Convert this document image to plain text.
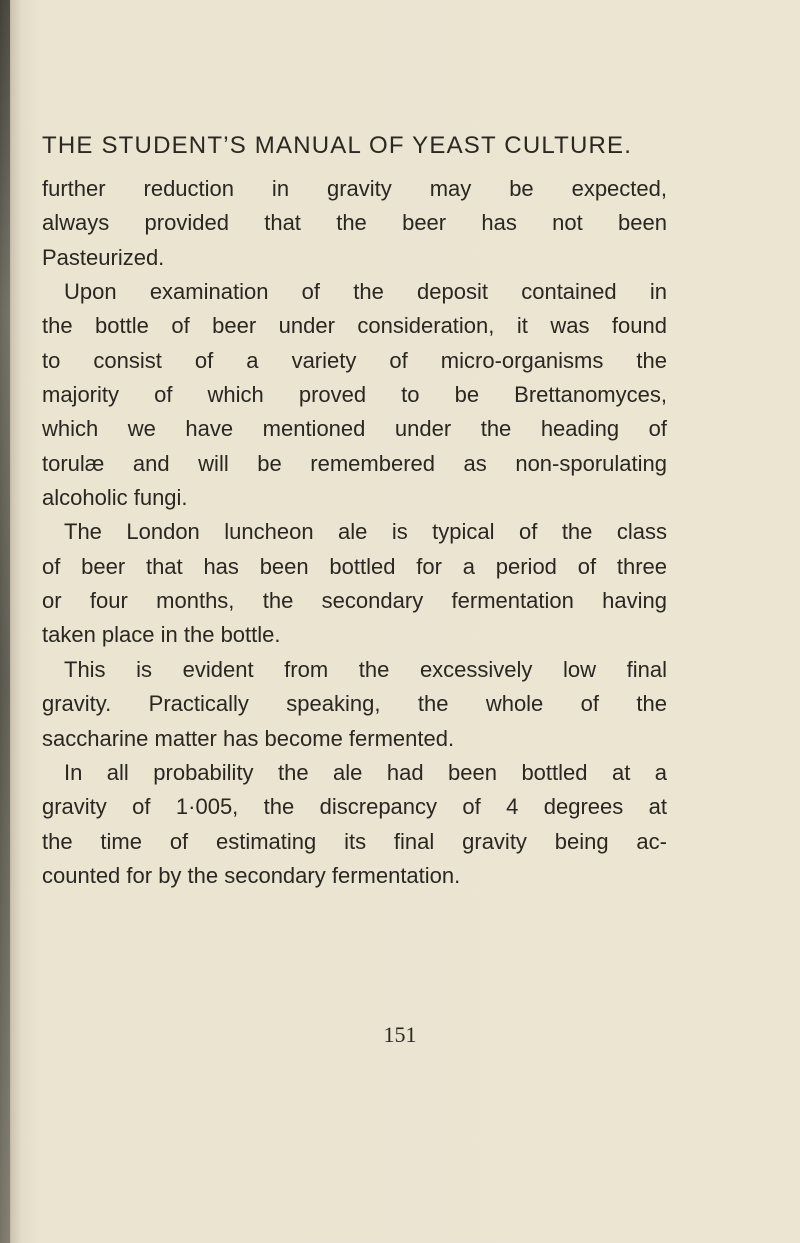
THE STUDENT’S MANUAL OF YEAST CULTURE.
further reduction in gravity may be expected,
always provided that the beer has not been
Pasteurized.
Upon examination of the deposit contained in
the bottle of beer under consideration, it was found
to consist of a variety of micro-organisms the
majority of which proved to be Brettanomyces,
which we have mentioned under the heading of
torulæ and will be remembered as non-sporulating
alcoholic fungi.
The London luncheon ale is typical of the class
of beer that has been bottled for a period of three
or four months, the secondary fermentation having
taken place in the bottle.
This is evident from the excessively low final
gravity. Practically speaking, the whole of the
saccharine matter has become fermented.
In all probability the ale had been bottled at a
gravity of 1·005, the discrepancy of 4 degrees at
the time of estimating its final gravity being ac-
counted for by the secondary fermentation.
151
